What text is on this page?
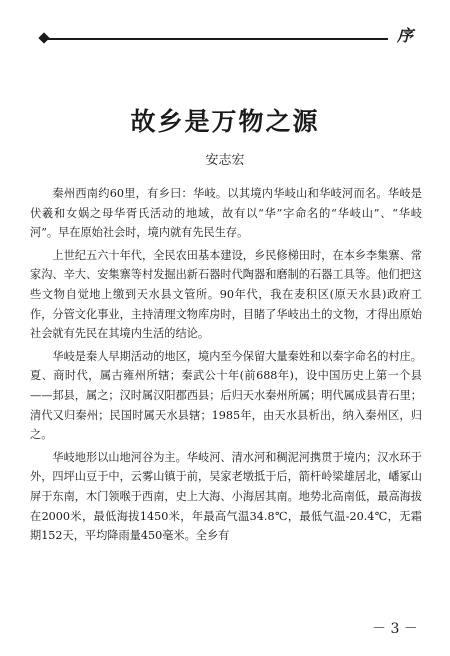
序
故乡是万物之源
安志宏

秦州西南约60里，有乡曰：华岐。以其境内华岐山和华岐河而名。华岐是伏羲和女娲之母华胥氏活动的地域，故有以“华”字命名的“华岐山”、“华岐河”。早在原始社会时，境内就有先民生存。

上世纪五六十年代，全民农田基本建设，乡民修梯田时，在本乡李集寨、常家沟、辛大、安集寨等村发掘出新石器时代陶器和磨制的石器工具等。他们把这些文物自觉地上缴到天水县文管所。90年代，我在麦积区(原天水县)政府工作，分管文化事业，主持清理文物库房时，目睹了华岐出土的文物，才得出原始社会就有先民在其境内生活的结论。

华岐是秦人早期活动的地区，境内至今保留大量秦姓和以秦字命名的村庄。夏、商时代，属古雍州所辖；秦武公十年(前688年)，设中国历史上第一个县——邽县，属之；汉时属汉阳郡西县；后归天水秦州所属；明代属成县青石里；清代又归秦州；民国时属天水县辖；1985年，由天水县析出，纳入秦州区，归之。

华岐地形以山地河谷为主。华岐河、清水河和稠泥河携贯于境内；汉水环于外，四坪山豆于中，云雾山镇于前，吴家老墩抵于后，箭杆岭梁雄居北，嶓冢山屏于东南，木门领喉于西南，史上大海、小海居其南。地势北高南低，最高海拔在2000米，最低海拔1450米，年最高气温34.8℃，最低气温-20.4℃，无霜期152天，平均降雨量450毫米。全乡有

－ 3 －
